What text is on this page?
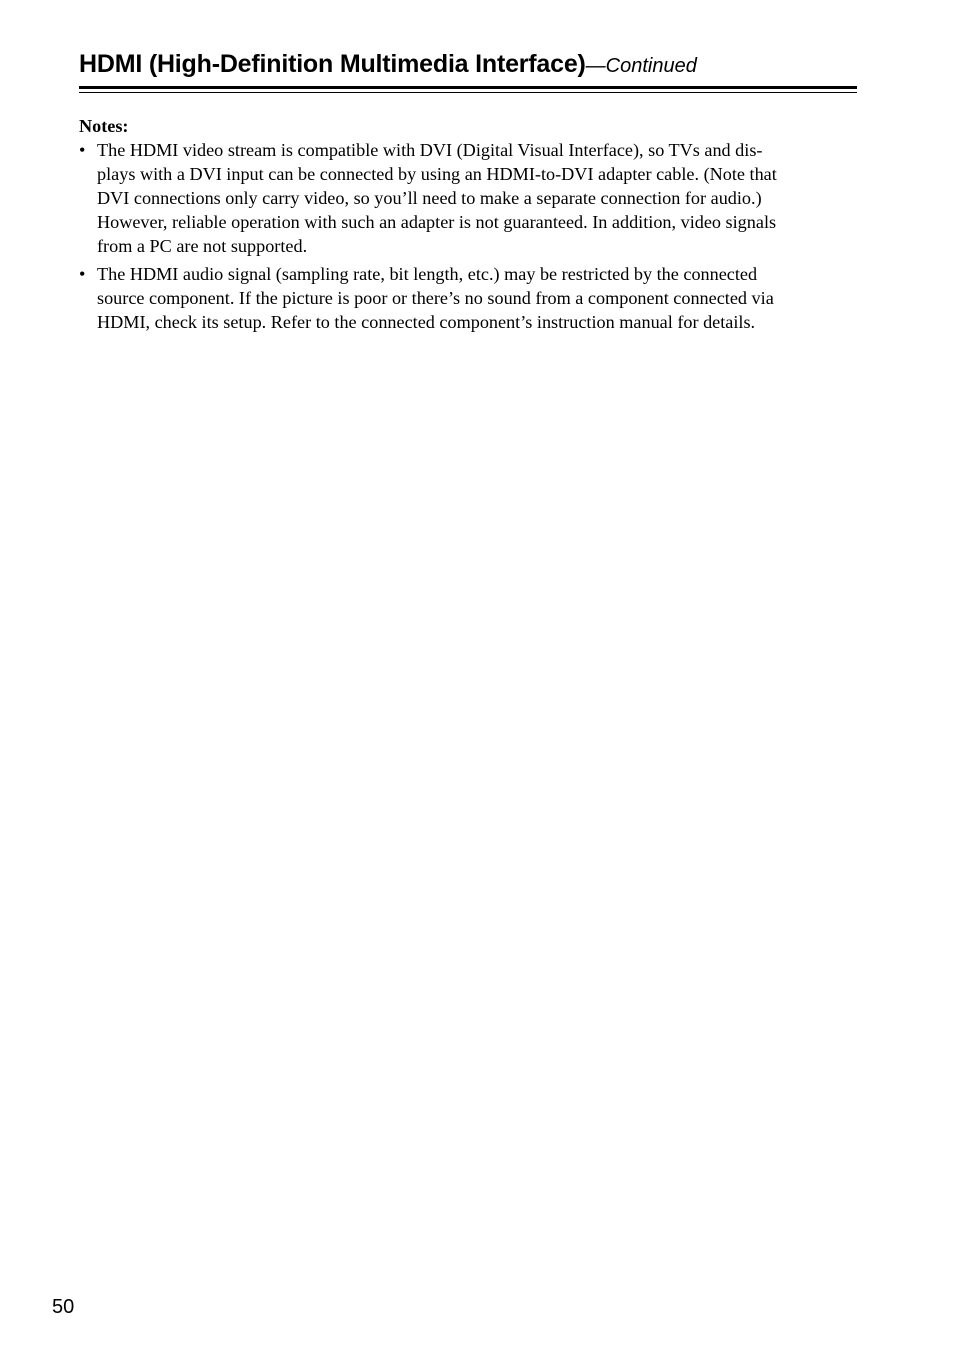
HDMI (High-Definition Multimedia Interface)—Continued

Notes:

• The HDMI video stream is compatible with DVI (Digital Visual Interface), so TVs and dis-
plays with a DVI input can be connected by using an HDMI-to-DVI adapter cable. (Note that
DVI connections only carry video, so you’ll need to make a separate connection for audio.)
However, reliable operation with such an adapter is not guaranteed. In addition, video signals
from a PC are not supported.
• The HDMI audio signal (sampling rate, bit length, etc.) may be restricted by the connected
source component. If the picture is poor or there’s no sound from a component connected via
HDMI, check its setup. Refer to the connected component’s instruction manual for details.
50
